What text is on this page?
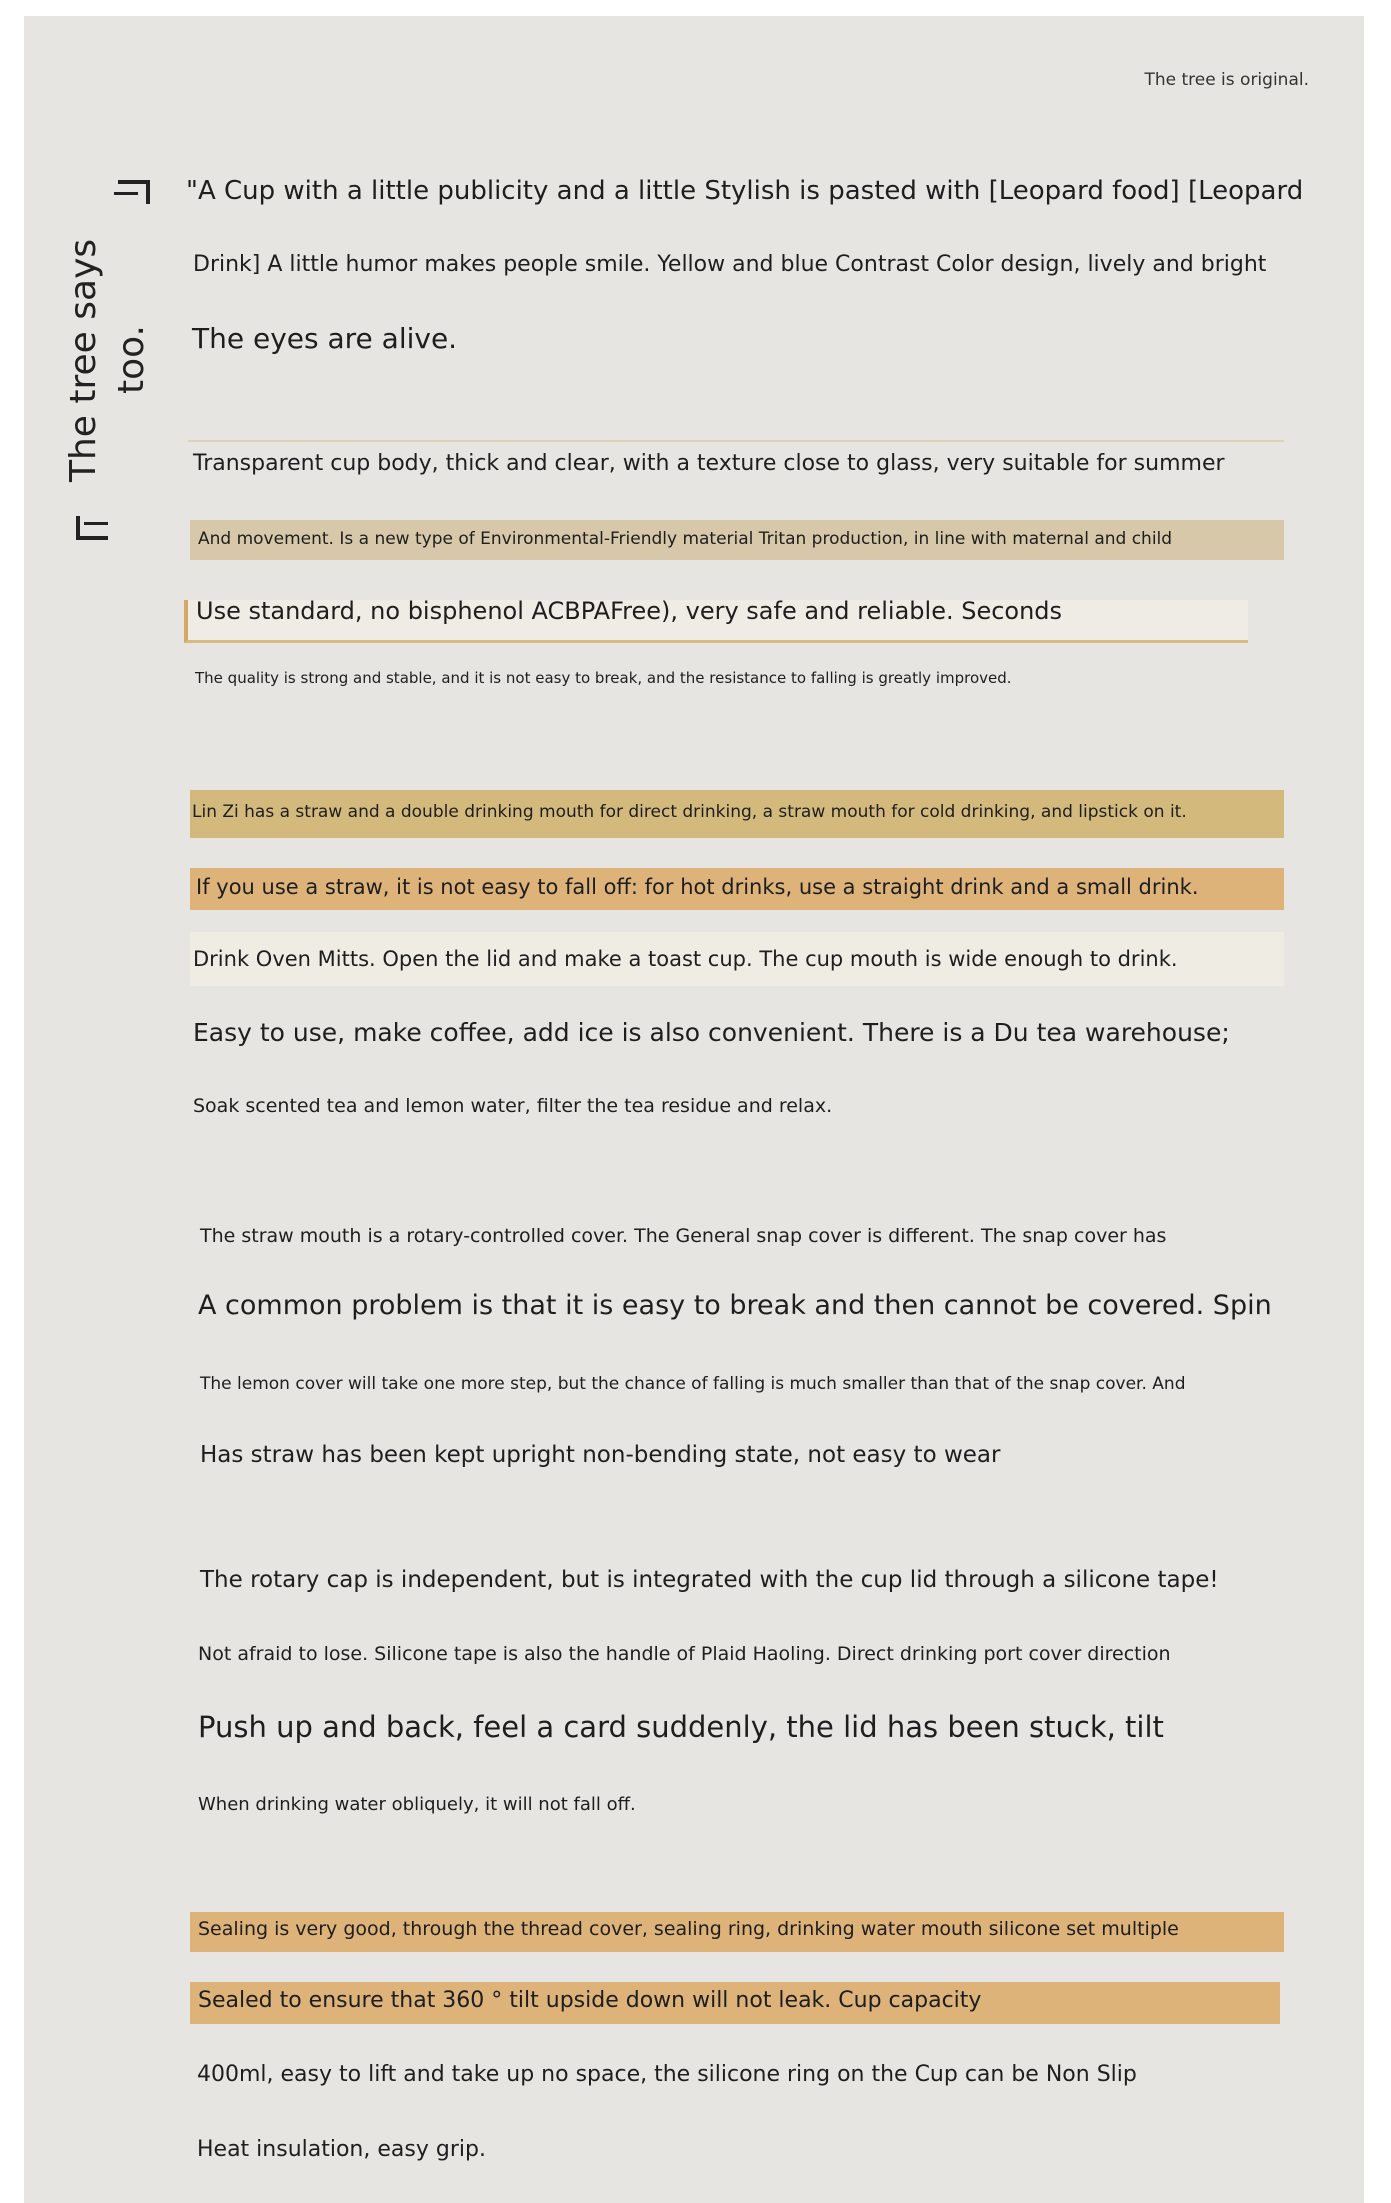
The tree is original.
The tree says too.
"A Cup with a little publicity and a little Stylish is pasted with [Leopard food] [Leopard
Drink] A little humor makes people smile. Yellow and blue Contrast Color design, lively and bright
The eyes are alive.
Transparent cup body, thick and clear, with a texture close to glass, very suitable for summer
And movement. Is a new type of Environmental-Friendly material Tritan production, in line with maternal and child
Use standard, no bisphenol ACBPAFree), very safe and reliable. Seconds
The quality is strong and stable, and it is not easy to break, and the resistance to falling is greatly improved.
Lin Zi has a straw and a double drinking mouth for direct drinking, a straw mouth for cold drinking, and lipstick on it.
If you use a straw, it is not easy to fall off: for hot drinks, use a straight drink and a small drink.
Drink Oven Mitts. Open the lid and make a toast cup. The cup mouth is wide enough to drink.
Easy to use, make coffee, add ice is also convenient. There is a Du tea warehouse;
Soak scented tea and lemon water, filter the tea residue and relax.
The straw mouth is a rotary-controlled cover. The General snap cover is different. The snap cover has
A common problem is that it is easy to break and then cannot be covered. Spin
The lemon cover will take one more step, but the chance of falling is much smaller than that of the snap cover. And
Has straw has been kept upright non-bending state, not easy to wear
The rotary cap is independent, but is integrated with the cup lid through a silicone tape!
Not afraid to lose. Silicone tape is also the handle of Plaid Haoling. Direct drinking port cover direction
Push up and back, feel a card suddenly, the lid has been stuck, tilt
When drinking water obliquely, it will not fall off.
Sealing is very good, through the thread cover, sealing ring, drinking water mouth silicone set multiple
Sealed to ensure that 360 ° tilt upside down will not leak. Cup capacity
400ml, easy to lift and take up no space, the silicone ring on the Cup can be Non Slip
Heat insulation, easy grip.
